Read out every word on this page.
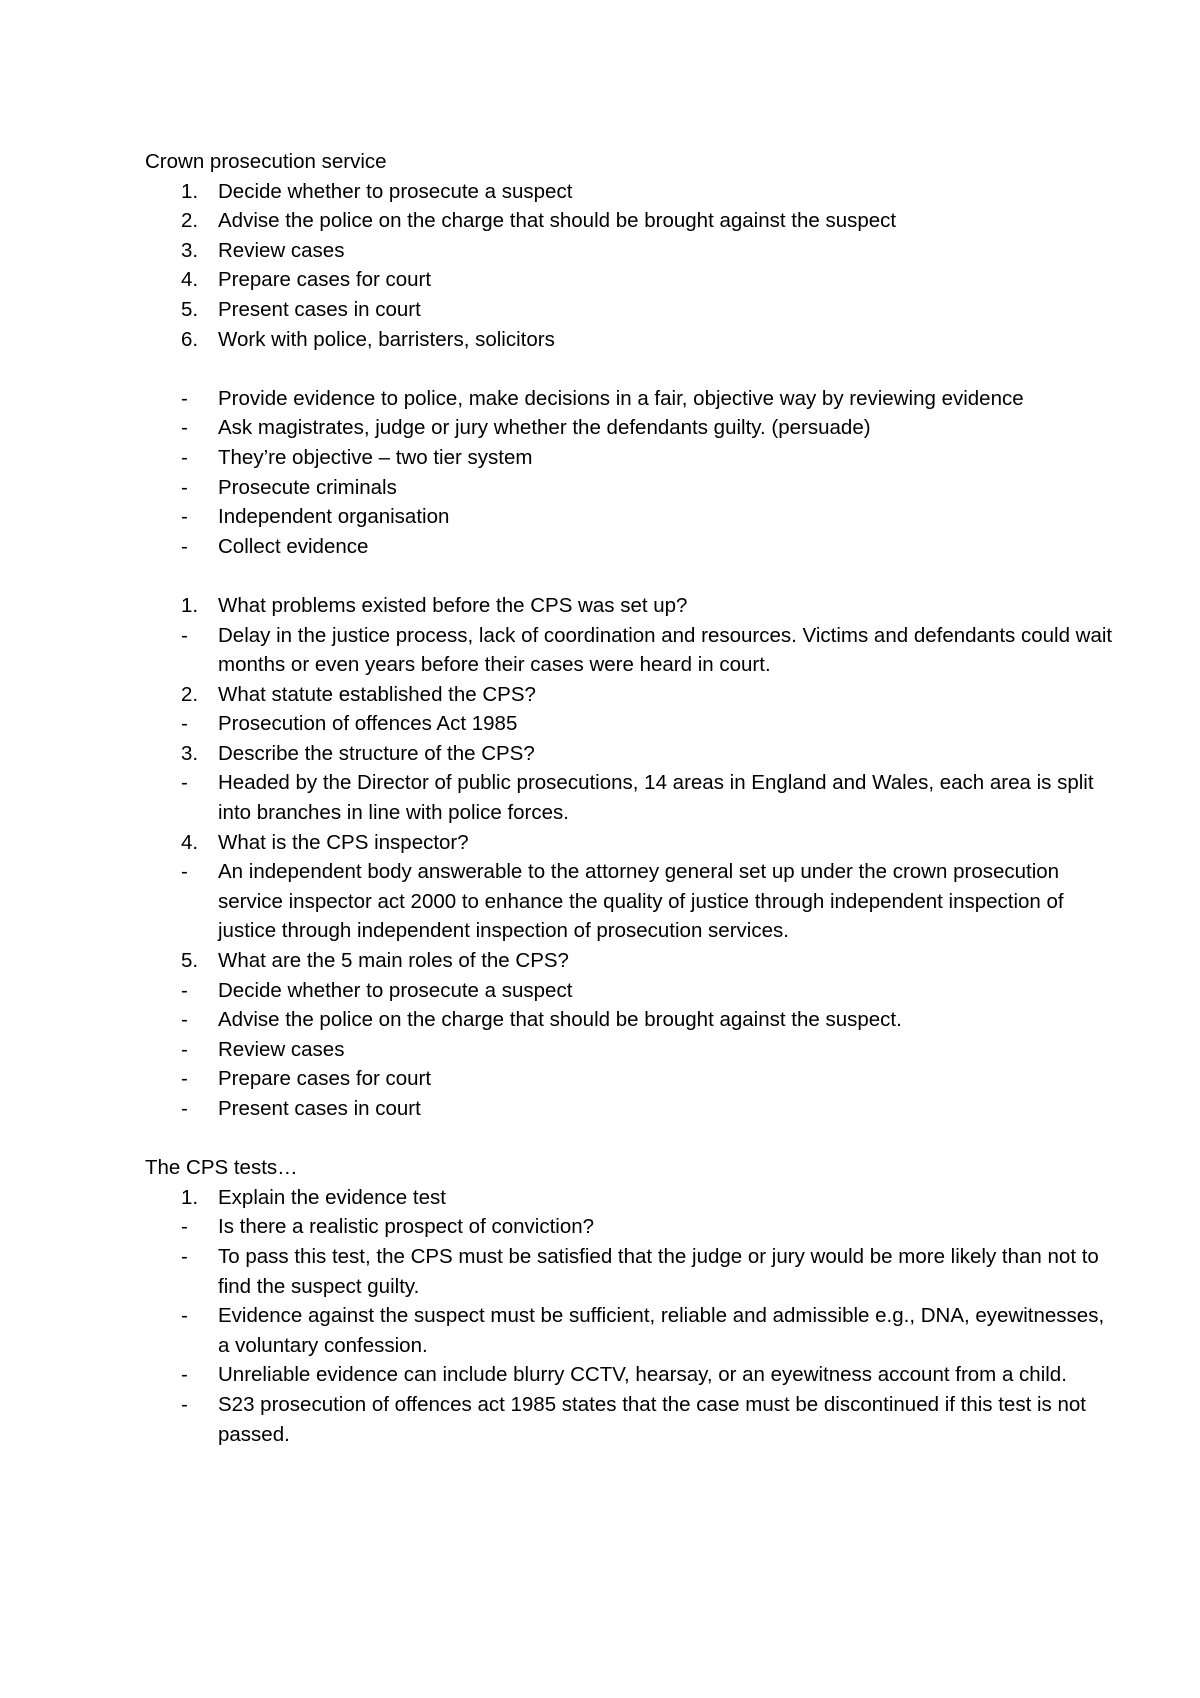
Crown prosecution service
1. Decide whether to prosecute a suspect
2. Advise the police on the charge that should be brought against the suspect
3. Review cases
4. Prepare cases for court
5. Present cases in court
6. Work with police, barristers, solicitors
-	Provide evidence to police, make decisions in a fair, objective way by reviewing evidence
-	Ask magistrates, judge or jury whether the defendants guilty. (persuade)
-	They’re objective – two tier system
-	Prosecute criminals
-	Independent organisation
-	Collect evidence
1. What problems existed before the CPS was set up?
-	Delay in the justice process, lack of coordination and resources. Victims and defendants could wait months or even years before their cases were heard in court.
2. What statute established the CPS?
-	Prosecution of offences Act 1985
3. Describe the structure of the CPS?
-	Headed by the Director of public prosecutions, 14 areas in England and Wales, each area is split into branches in line with police forces.
4. What is the CPS inspector?
-	An independent body answerable to the attorney general set up under the crown prosecution service inspector act 2000 to enhance the quality of justice through independent inspection of justice through independent inspection of prosecution services.
5. What are the 5 main roles of the CPS?
-	Decide whether to prosecute a suspect
-	Advise the police on the charge that should be brought against the suspect.
-	Review cases
-	Prepare cases for court
-	Present cases in court
The CPS tests…
1. Explain the evidence test
-	Is there a realistic prospect of conviction?
-	To pass this test, the CPS must be satisfied that the judge or jury would be more likely than not to find the suspect guilty.
-	Evidence against the suspect must be sufficient, reliable and admissible e.g., DNA, eyewitnesses, a voluntary confession.
-	Unreliable evidence can include blurry CCTV, hearsay, or an eyewitness account from a child.
-	S23 prosecution of offences act 1985 states that the case must be discontinued if this test is not passed.
